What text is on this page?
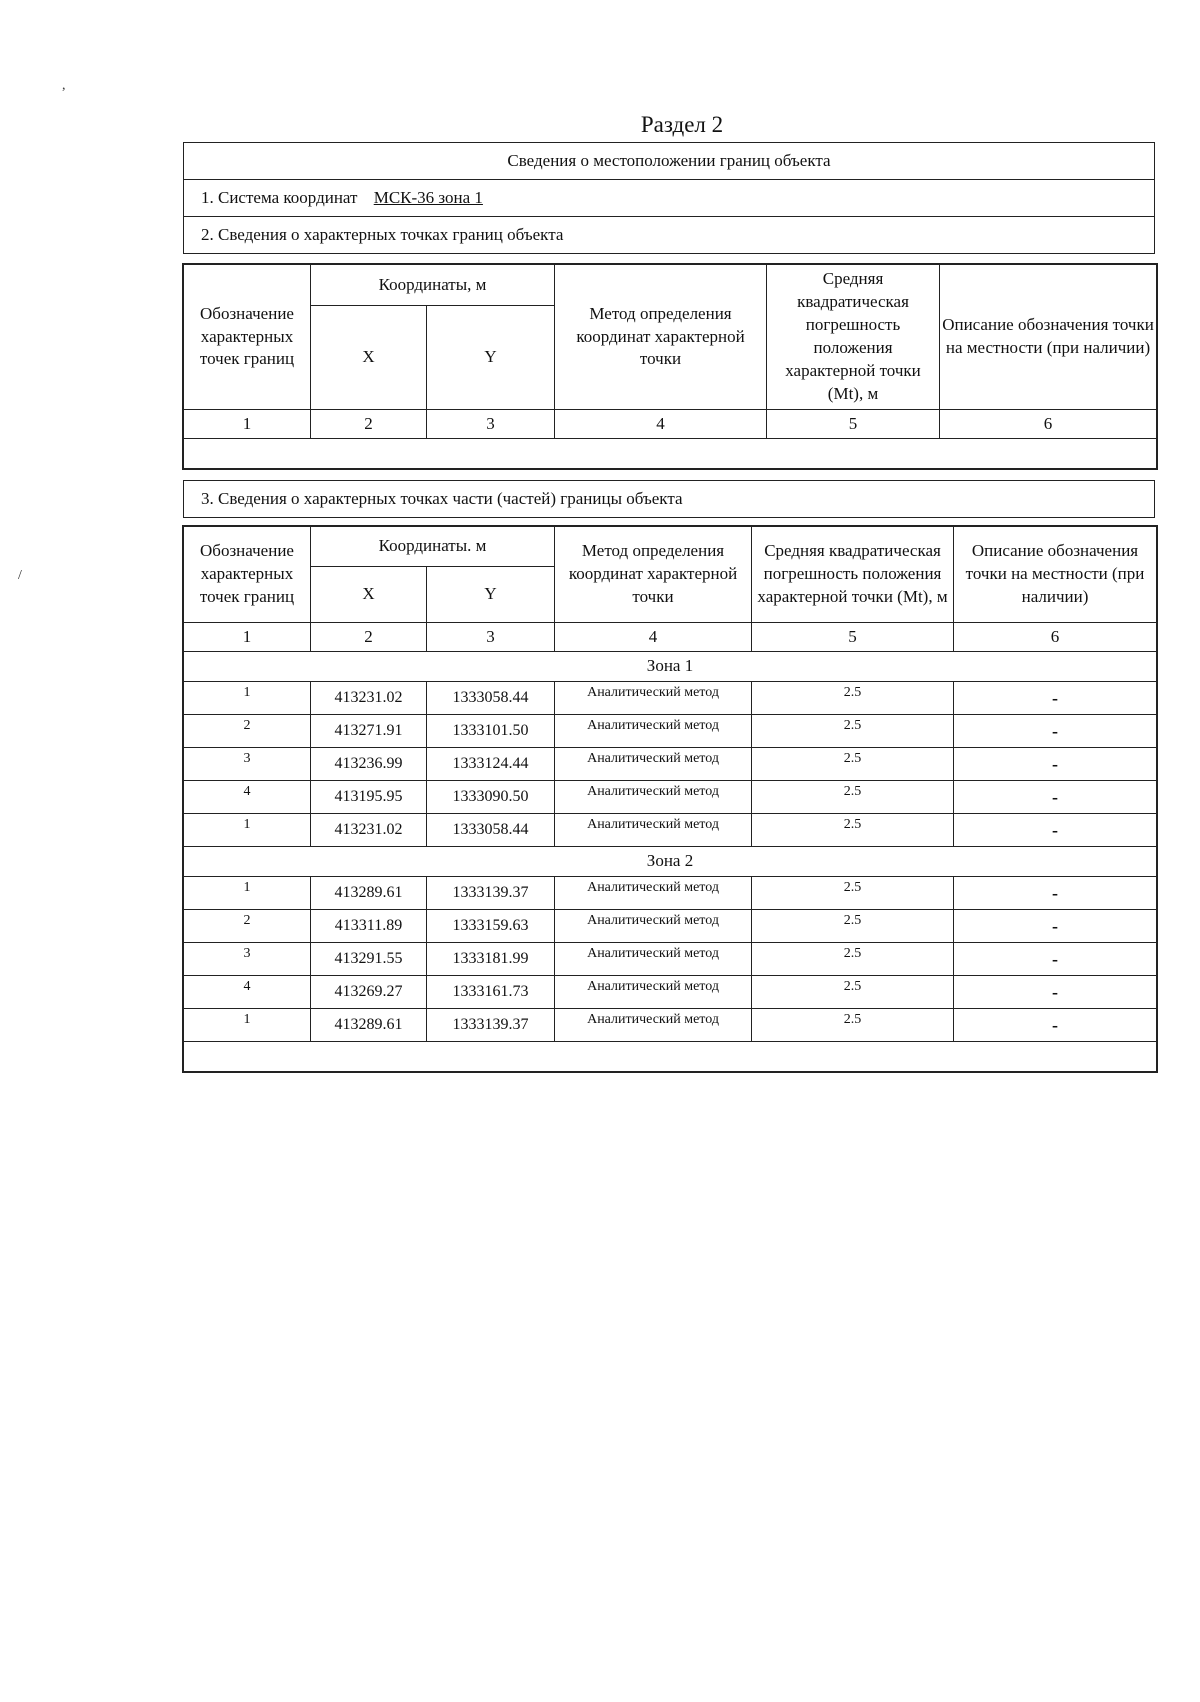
,
/
Раздел 2
Сведения о местоположении границ объекта
1. Система координат МСК-36 зона 1
2. Сведения о характерных точках границ объекта
Обозначение характерных точек границ	Координаты, м		Метод определения координат характерной точки	Средняя квадратическая погрешность положения характерной точки (Mt), м	Описание обозначения точки на местности (при наличии)
	X	Y			
1	2	3	4	5	6

3. Сведения о характерных точках части (частей) границы объекта
Обозначение характерных точек границ	Координаты. м		Метод определения координат характерной точки	Средняя квадратическая погрешность положения характерной точки (Mt), м	Описание обозначения точки на местности (при наличии)
	X	Y			
1	2	3	4	5	6
Зона 1					
1	413231.02	1333058.44	Аналитический метод	2.5	-
2	413271.91	1333101.50	Аналитический метод	2.5	-
3	413236.99	1333124.44	Аналитический метод	2.5	-
4	413195.95	1333090.50	Аналитический метод	2.5	-
1	413231.02	1333058.44	Аналитический метод	2.5	-
Зона 2					
1	413289.61	1333139.37	Аналитический метод	2.5	-
2	413311.89	1333159.63	Аналитический метод	2.5	-
3	413291.55	1333181.99	Аналитический метод	2.5	-
4	413269.27	1333161.73	Аналитический метод	2.5	-
1	413289.61	1333139.37	Аналитический метод	2.5	-
